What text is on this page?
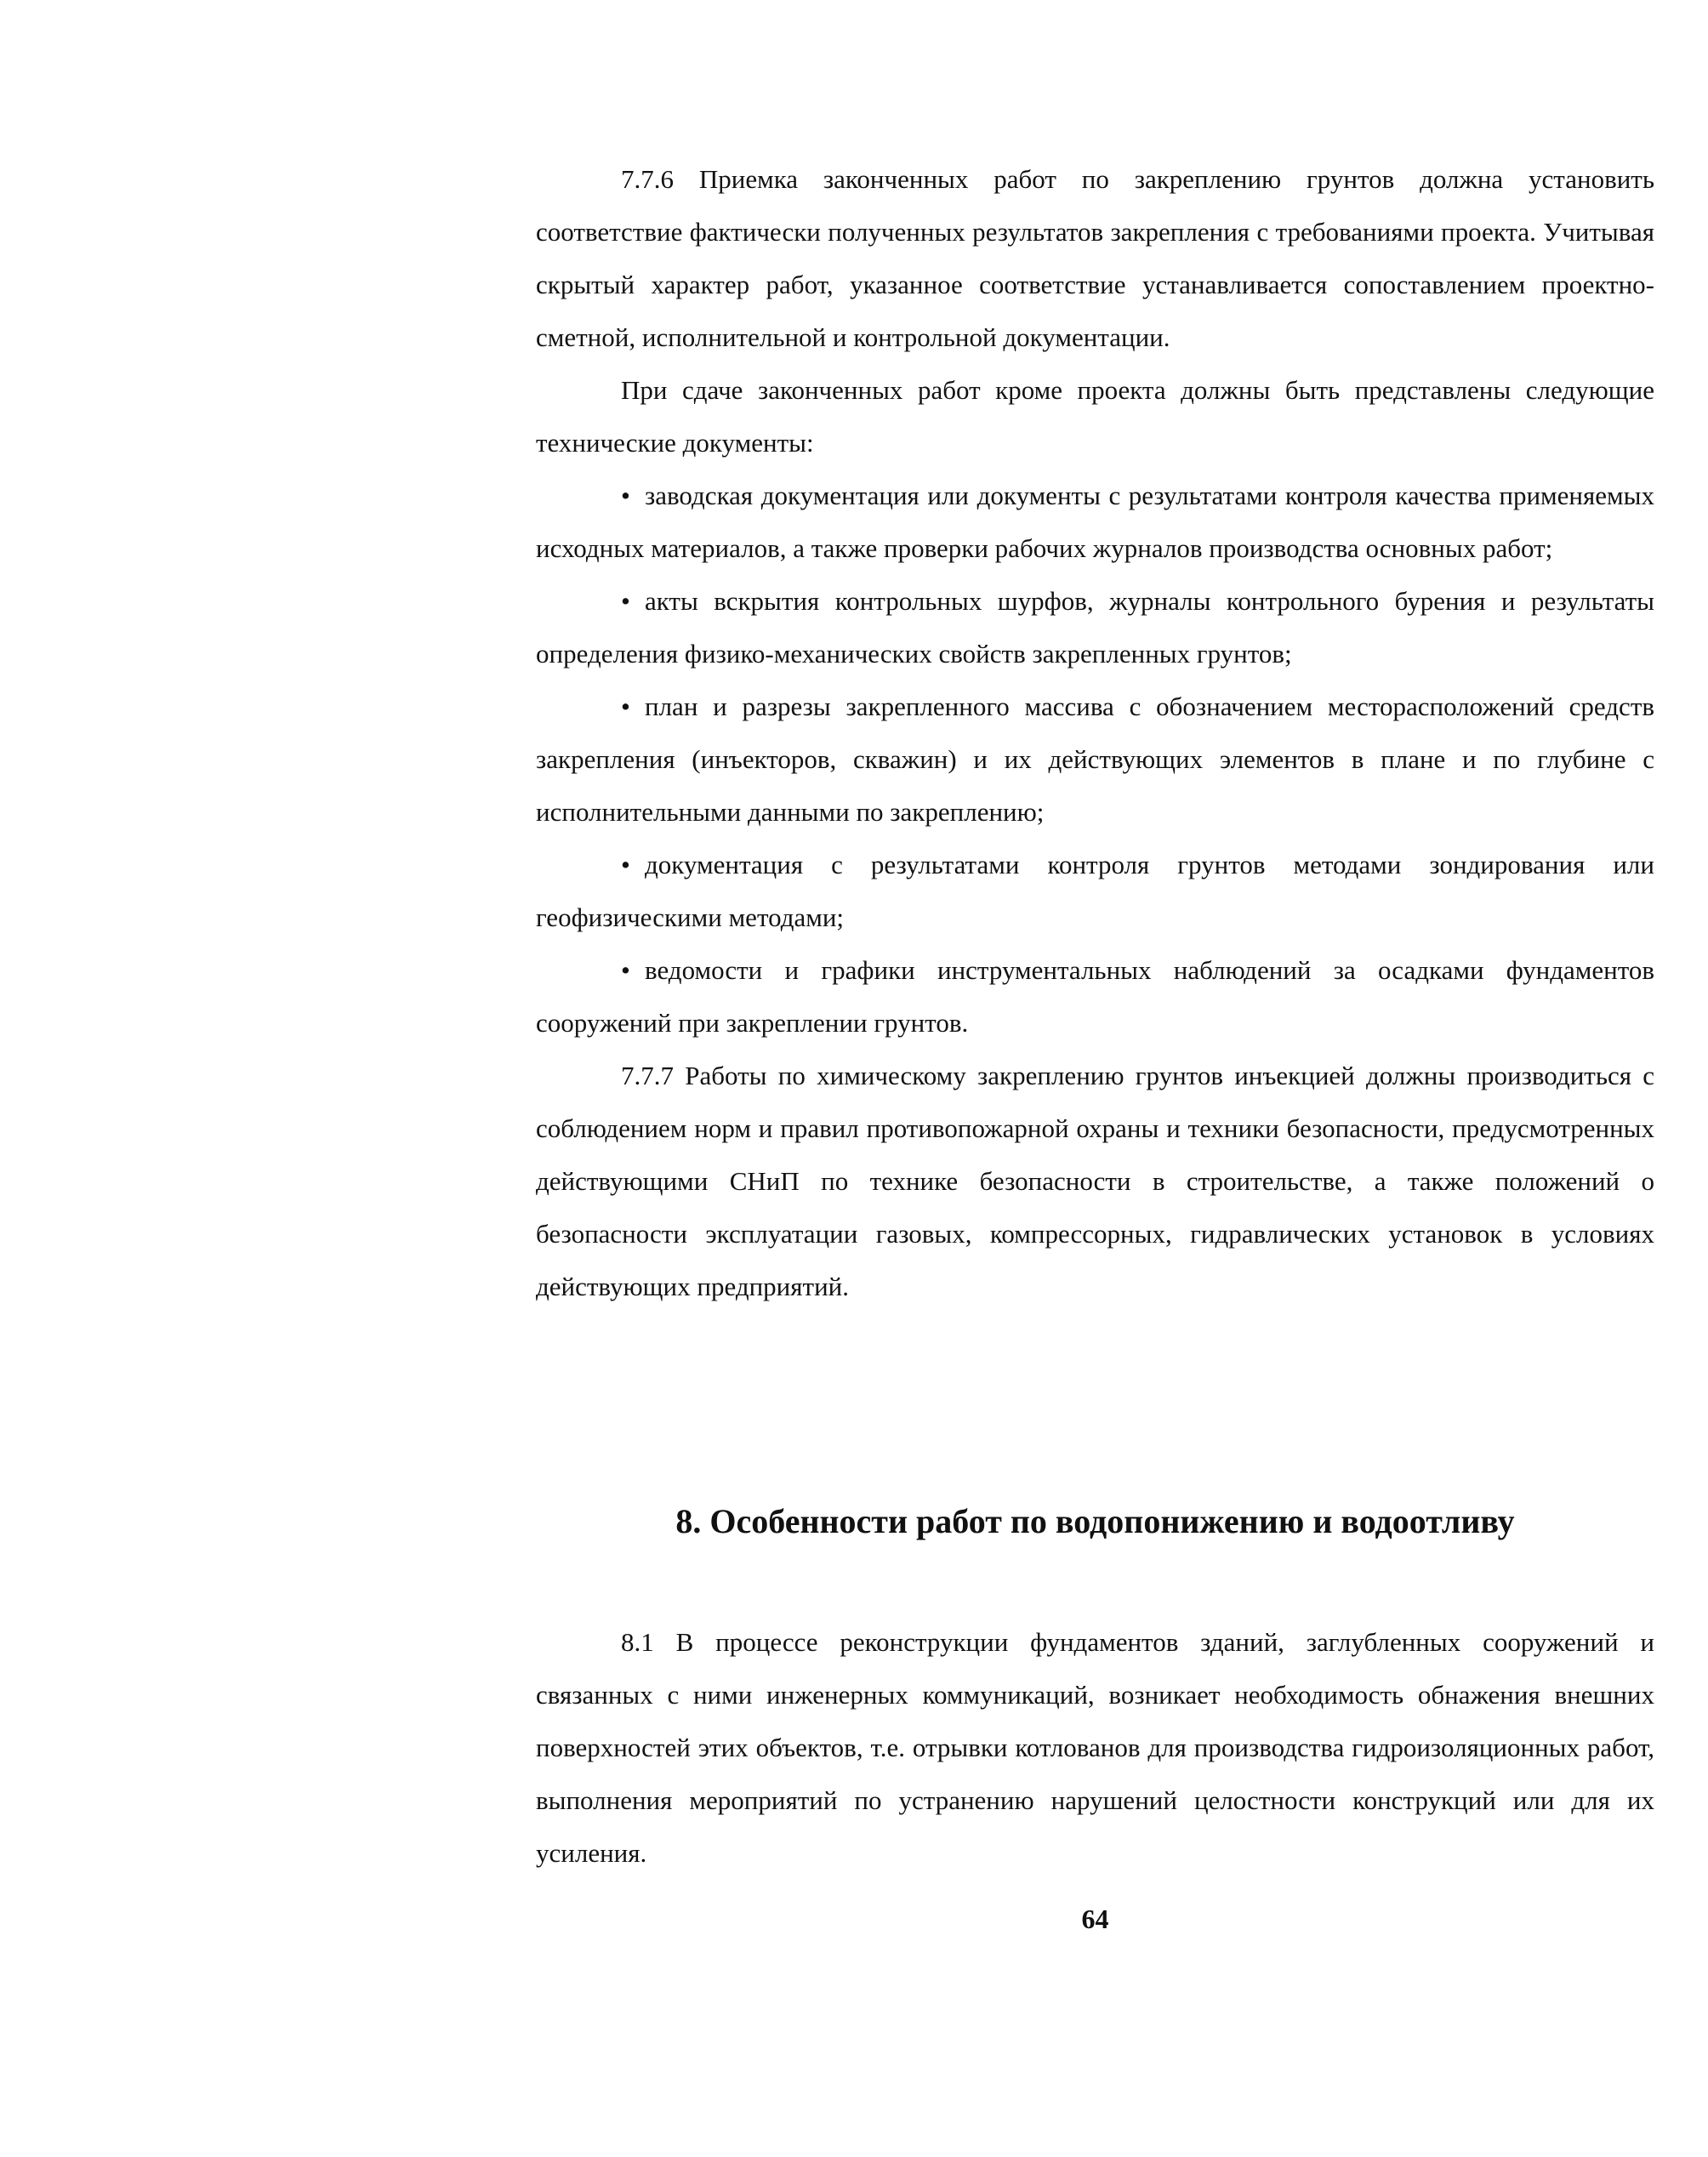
7.7.6 Приемка законченных работ по закреплению грунтов должна установить соответствие фактически полученных результатов закрепления с требованиями проекта. Учитывая скрытый характер работ, указанное соответствие устанавливается сопоставлением проектно-сметной, исполнительной и контрольной документации.

При сдаче законченных работ кроме проекта должны быть представлены следующие технические документы:

• заводская документация или документы с результатами контроля качества применяемых исходных материалов, а также проверки рабочих журналов производства основных работ;

• акты вскрытия контрольных шурфов, журналы контрольного бурения и результаты определения физико-механических свойств закрепленных грунтов;

• план и разрезы закрепленного массива с обозначением месторасположений средств закрепления (инъекторов, скважин) и их действующих элементов в плане и по глубине с исполнительными данными по закреплению;

• документация с результатами контроля грунтов методами зондирования или геофизическими методами;

• ведомости и графики инструментальных наблюдений за осадками фундаментов сооружений при закреплении грунтов.

7.7.7 Работы по химическому закреплению грунтов инъекцией должны производиться с соблюдением норм и правил противопожарной охраны и техники безопасности, предусмотренных действующими СНиП по технике безопасности в строительстве, а также положений о безопасности эксплуатации газовых, компрессорных, гидравлических установок в условиях действующих предприятий.

8. Особенности работ по водопонижению и водоотливу

8.1 В процессе реконструкции фундаментов зданий, заглубленных сооружений и связанных с ними инженерных коммуникаций, возникает необходимость обнажения внешних поверхностей этих объектов, т.е. отрывки котлованов для производства гидроизоляционных работ, выполнения мероприятий по устранению нарушений целостности конструкций или для их усиления.

64
